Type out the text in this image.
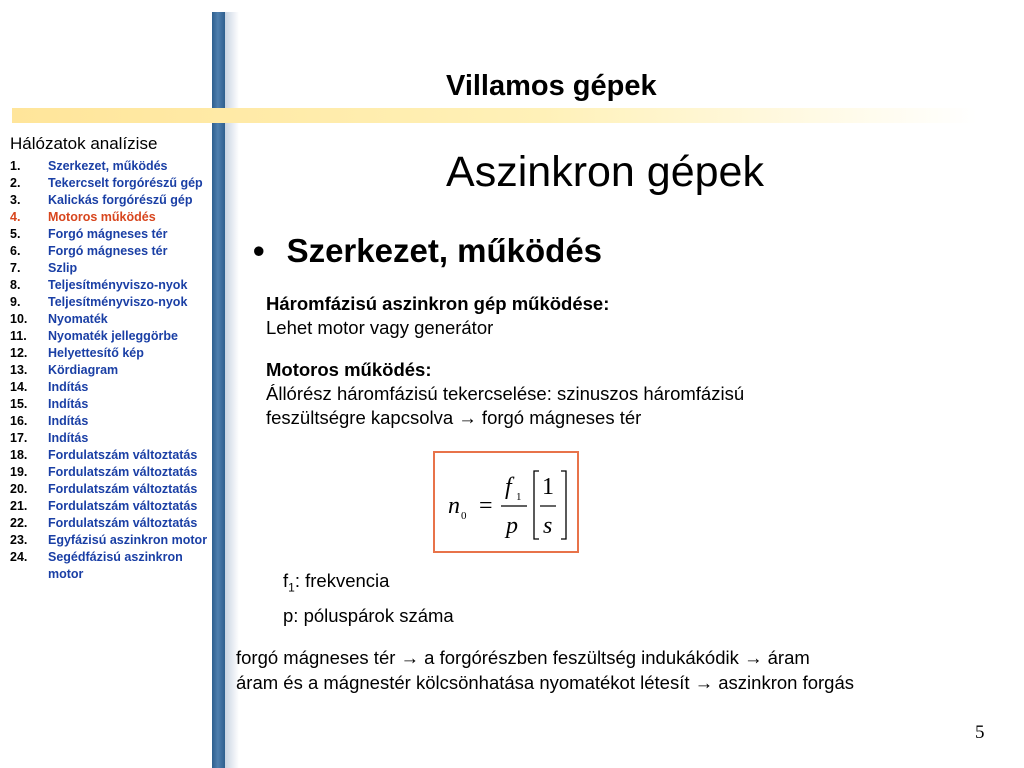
Villamos gépek
Hálózatok analízise
1.	Szerkezet, működés
2.	Tekercselt forgórészű gép
3.	Kalickás forgórészű gép
4.	Motoros működés
5.	Forgó mágneses tér
6.	Forgó mágneses tér
7.	Szlip
8.	Teljesítményviszo-nyok
9.	Teljesítményviszo-nyok
10.	Nyomaték
11.	Nyomaték jelleggörbe
12.	Helyettesítő kép
13.	Kördiagram
14.	Indítás
15.	Indítás
16.	Indítás
17.	Indítás
18.	Fordulatszám változtatás
19.	Fordulatszám változtatás
20.	Fordulatszám változtatás
21.	Fordulatszám változtatás
22.	Fordulatszám változtatás
23.	Egyfázisú aszinkron motor
24.	Segédfázisú aszinkron motor
Aszinkron gépek
• Szerkezet, működés
Háromfázisú aszinkron gép működése:
Lehet motor vagy generátor
Motoros működés:
Állórész háromfázisú tekercselése: szinuszos háromfázisú
feszültségre kapcsolva → forgó mágneses tér
n 0 =
f 1
p
1
s
$f_1$: frekvencia
p: póluspárok száma
forgó mágneses tér → a forgórészben feszültség indukákódik → áram
áram és a mágnestér kölcsönhatása nyomatékot létesít → aszinkron forgás
5
